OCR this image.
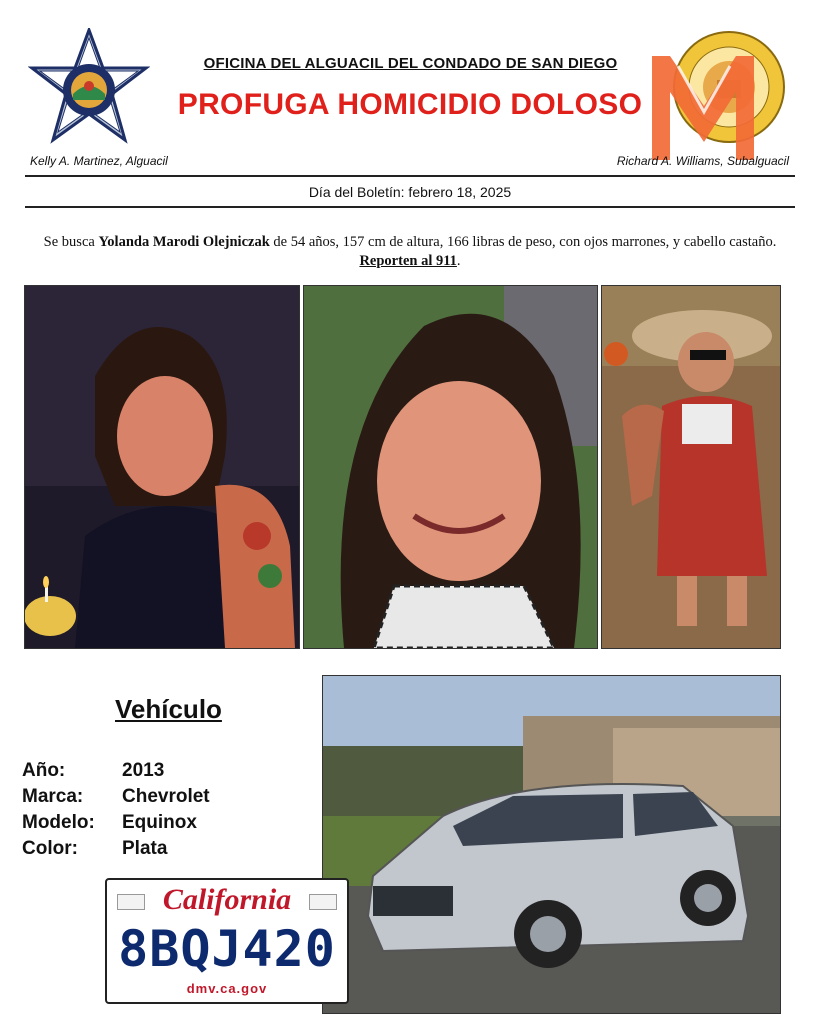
OFICINA DEL ALGUACIL DEL CONDADO DE SAN DIEGO
PROFUGA HOMICIDIO DOLOSO
Kelly A. Martinez, Alguacil	Richard A. Williams, Subalguacil
Día del Boletín: febrero 18, 2025
Se busca Yolanda Marodi Olejniczak de 54 años, 157 cm de altura, 166 libras de peso, con ojos marrones, y cabello castaño. Reporten al 911.
Vehículo
Año:	2013
Marca:	Chevrolet
Modelo:	Equinox
Color:	Plata
California
8BQJ420
dmv.ca.gov
